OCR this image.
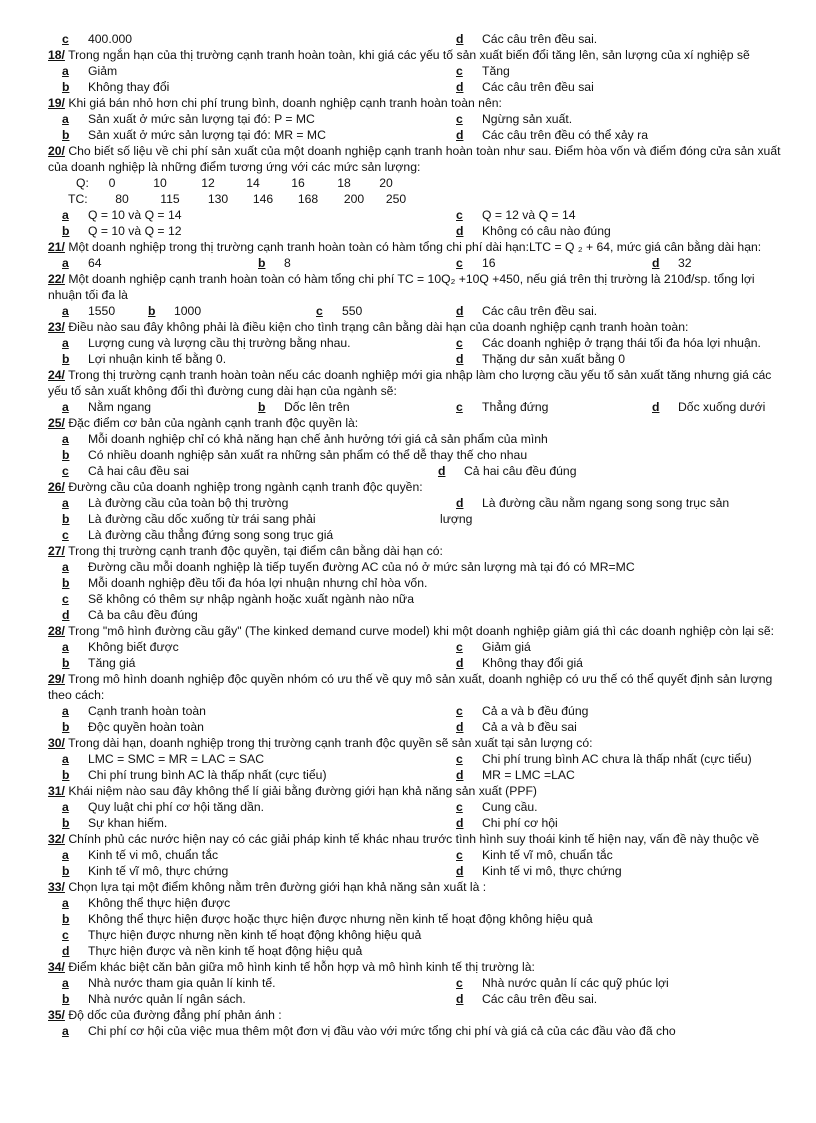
c 400.000	d Các câu trên đều sai.
18/ Trong ngắn hạn của thị trường cạnh tranh hoàn toàn, khi giá các yếu tố sản xuất biến đổi tăng lên, sản lượng của xí nghiệp sẽ
a Giảm	c Tăng
b Không thay đổi	d Các câu trên đều sai
19/ Khi giá bán nhỏ hơn chi phí trung bình, doanh nghiệp cạnh tranh hoàn toàn nên:
a Sản xuất ở mức sản lượng tại đó: P = MC	c Ngừng sản xuất.
b Sản xuất ở mức sản lượng tại đó: MR = MC	d Các câu trên đều có thể xảy ra
20/ Cho biết số liệu về chi phí sản xuất của một doanh nghiệp cạnh tranh hoàn toàn như sau. Điểm hòa vốn và điểm đóng cửa sản xuất của doanh nghiệp là những điểm tương ứng với các mức sản lượng:
Q:	0	10	12	14	16	18	20
TC:	80	115	130	146	168	200	250
a Q = 10 và Q = 14	c Q = 12 và Q = 14
b Q = 10 và Q = 12	d Không có câu nào đúng
21/ Một doanh nghiệp trong thị trường cạnh tranh hoàn toàn có hàm tổng chi phí dài hạn:LTC = Q ₂ + 64, mức giá cân bằng dài hạn:
a 64	b 8	c 16	d 32
22/ Một doanh nghiệp cạnh tranh hoàn toàn có hàm tổng chi phí TC = 10Q₂ +10Q +450, nếu giá trên thị trường là 210đ/sp. tổng lợi nhuận tối đa là
a 1550	b 1000	c 550	d Các câu trên đều sai.
23/ Điều nào sau đây không phải là điều kiện cho tình trạng cân bằng dài hạn của doanh nghiệp cạnh tranh hoàn toàn:
a Lượng cung và lượng cầu thị trường bằng nhau.	c Các doanh nghiệp ở trạng thái tối đa hóa lợi nhuận.
b Lợi nhuận kinh tế bằng 0.	d Thặng dư sản xuất bằng 0
24/ Trong thị trường cạnh tranh hoàn toàn nếu các doanh nghiệp mới gia nhập làm cho lượng cầu yếu tố sản xuất tăng nhưng giá các yếu tố sản xuất không đổi thì đường cung dài hạn của ngành sẽ:
a Nằm ngang	b Dốc lên trên	c Thẳng đứng	d Dốc xuống dưới
25/ Đặc điểm cơ bản của ngành cạnh tranh độc quyền là:
a Mỗi doanh nghiệp chỉ có khả năng hạn chế ảnh hưởng tới giá cả sản phẩm của mình
b Có nhiều doanh nghiệp sản xuất ra những sản phẩm có thể dễ thay thế cho nhau
c Cả hai câu đều sai	d Cả hai câu đều đúng
26/ Đường cầu của doanh nghiệp trong ngành cạnh tranh độc quyền:
a Là đường cầu của toàn bộ thị trường	d Là đường cầu nằm ngang song song trục sản
b Là đường cầu dốc xuống từ trái sang phải	lượng
c Là đường cầu thẳng đứng song song trục giá
27/ Trong thị trường cạnh tranh độc quyền, tại điểm cân bằng dài hạn có:
a Đường cầu mỗi doanh nghiệp là tiếp tuyến đường AC của nó ở mức sản lượng mà tại đó có MR=MC
b Mỗi doanh nghiệp đều tối đa hóa lợi nhuận nhưng chỉ hòa vốn.
c Sẽ không có thêm sự nhập ngành hoặc xuất ngành nào nữa
d Cả ba câu đều đúng
28/ Trong "mô hình đường cầu gãy" (The kinked demand curve model) khi một doanh nghiệp giảm giá thì các doanh nghiệp còn lại sẽ:
a Không biết được	c Giảm giá
b Tăng giá	d Không thay đổi giá
29/ Trong mô hình doanh nghiệp độc quyền nhóm có ưu thế về quy mô sản xuất, doanh nghiệp có ưu thế có thể quyết định sản lượng theo cách:
a Cạnh tranh hoàn toàn	c Cả a và b đều đúng
b Độc quyền hoàn toàn	d Cả a và b đều sai
30/ Trong dài hạn, doanh nghiệp trong thị trường cạnh tranh độc quyền sẽ sản xuất tại sản lượng có:
a LMC = SMC = MR = LAC = SAC	c Chi phí trung bình AC chưa là thấp nhất (cực tiểu)
b Chi phí trung bình AC là thấp nhất (cực tiểu)	d MR = LMC =LAC
31/ Khái niệm nào sau đây không thể lí giải bằng đường giới hạn khả năng sản xuất (PPF)
a Quy luật chi phí cơ hội tăng dần.	c Cung cầu.
b Sự khan hiếm.	d Chi phí cơ hội
32/ Chính phủ các nước hiện nay có các giải pháp kinh tế khác nhau trước tình hình suy thoái kinh tế hiện nay, vấn đề này thuộc về
a Kinh tế vi mô, chuẩn tắc	c Kinh tế vĩ mô, chuẩn tắc
b Kinh tế vĩ mô, thực chứng	d Kinh tế vi mô, thực chứng
33/ Chọn lựa tại một điểm không nằm trên đường giới hạn khả năng sản xuất là :
a Không thể thực hiện được
b Không thể thực hiện được hoặc thực hiện được nhưng nền kinh tế hoạt động không hiệu quả
c Thực hiện được nhưng nền kinh tế hoạt động không hiệu quả
d Thực hiện được và nền kinh tế hoạt động hiệu quả
34/ Điểm khác biệt căn bản giữa mô hình kinh tế hỗn hợp và mô hình kinh tế thị trường là:
a Nhà nước tham gia quản lí kinh tế.	c Nhà nước quản lí các quỹ phúc lợi
b Nhà nước quản lí ngân sách.	d Các câu trên đều sai.
35/ Độ dốc của đường đẳng phí phản ánh :
a Chi phí cơ hội của việc mua thêm một đơn vị đầu vào với mức tổng chi phí và giá cả của các đầu vào đã cho
